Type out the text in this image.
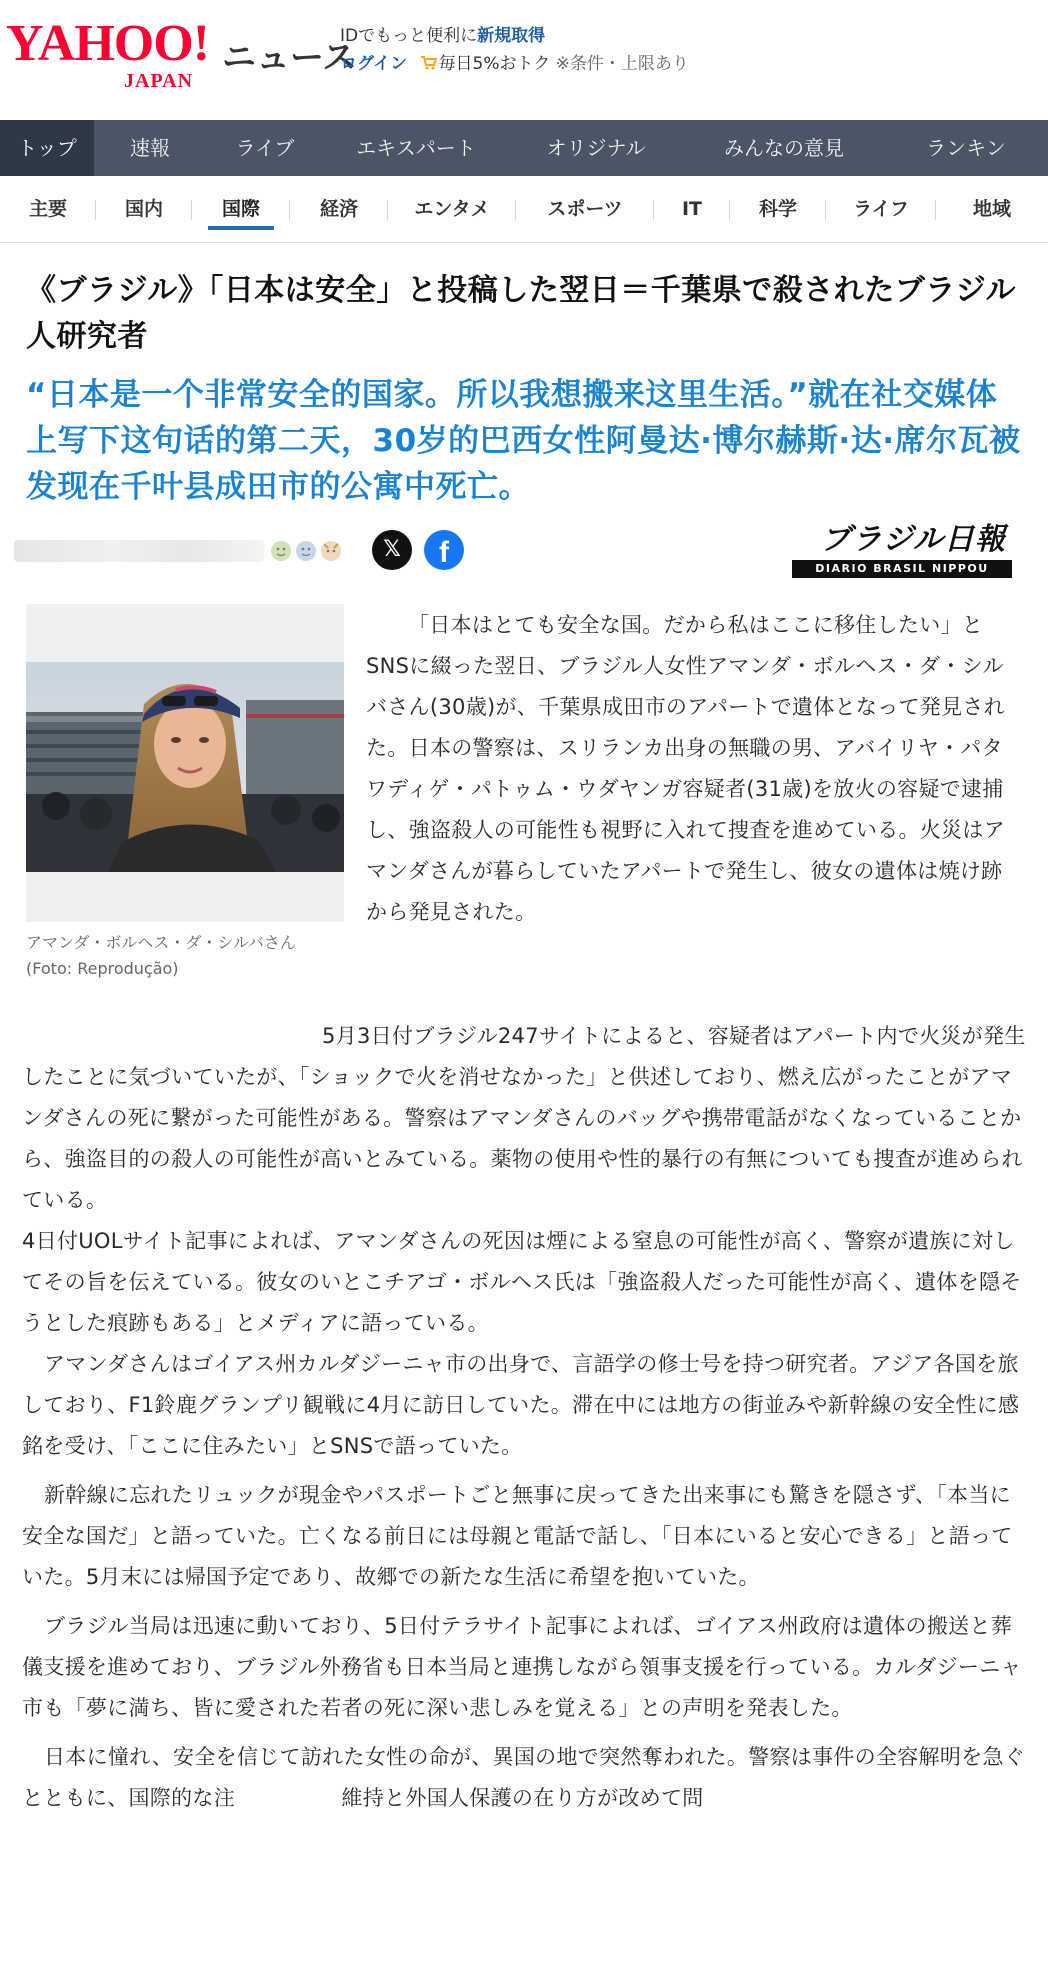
YAHOO!
JAPAN
ニュース
IDでもっと便利に新規取得
ログイン 毎日5%おトク ※条件・上限あり
トップ	速報	ライブ	エキスパート	オリジナル	みんなの意見	ランキン
主要	国内	国際	経済	エンタメ	スポーツ	IT	科学	ライフ	地域
《ブラジル》「日本は安全」と投稿した翌日＝千葉県で殺されたブラジル人研究者
“日本是一个非常安全的国家。所以我想搬来这里生活。”就在社交媒体上写下这句话的第二天，30岁的巴西女性阿曼达·博尔赫斯·达·席尔瓦被发现在千叶县成田市的公寓中死亡。
𝕏	f	ブラジル日報
DIARIO BRASIL NIPPOU
アマンダ・ボルヘス・ダ・シルバさん (Foto: Reprodução)

「日本はとても安全な国。だから私はここに移住したい」とSNSに綴った翌日、ブラジル人女性アマンダ・ボルヘス・ダ・シルバさん(30歳)が、千葉県成田市のアパートで遺体となって発見された。日本の警察は、スリランカ出身の無職の男、アバイリヤ・パタワディゲ・パトゥム・ウダヤンガ容疑者(31歳)を放火の容疑で逮捕し、強盗殺人の可能性も視野に入れて捜査を進めている。火災はアマンダさんが暮らしていたアパートで発生し、彼女の遺体は焼け跡から発見された。

5月3日付ブラジル247サイトによると、容疑者はアパート内で火災が発生したことに気づいていたが、「ショックで火を消せなかった」と供述しており、燃え広がったことがアマンダさんの死に繋がった可能性がある。警察はアマンダさんのバッグや携帯電話がなくなっていることから、強盗目的の殺人の可能性が高いとみている。薬物の使用や性的暴行の有無についても捜査が進められている。

4日付UOLサイト記事によれば、アマンダさんの死因は煙による窒息の可能性が高く、警察が遺族に対してその旨を伝えている。彼女のいとこチアゴ・ボルヘス氏は「強盗殺人だった可能性が高く、遺体を隠そうとした痕跡もある」とメディアに語っている。

アマンダさんはゴイアス州カルダジーニャ市の出身で、言語学の修士号を持つ研究者。アジア各国を旅しており、F1鈴鹿グランプリ観戦に4月に訪日していた。滞在中には地方の街並みや新幹線の安全性に感銘を受け、「ここに住みたい」とSNSで語っていた。

新幹線に忘れたリュックが現金やパスポートごと無事に戻ってきた出来事にも驚きを隠さず、「本当に安全な国だ」と語っていた。亡くなる前日には母親と電話で話し、「日本にいると安心できる」と語っていた。5月末には帰国予定であり、故郷での新たな生活に希望を抱いていた。

ブラジル当局は迅速に動いており、5日付テラサイト記事によれば、ゴイアス州政府は遺体の搬送と葬儀支援を進めており、ブラジル外務省も日本当局と連携しながら領事支援を行っている。カルダジーニャ市も「夢に満ち、皆に愛された若者の死に深い悲しみを覚える」との声明を発表した。

日本に憧れ、安全を信じて訪れた女性の命が、異国の地で突然奪われた。警察は事件の全容解明を急ぐとともに、国際的な注　　　　　維持と外国人保護の在り方が改めて問
